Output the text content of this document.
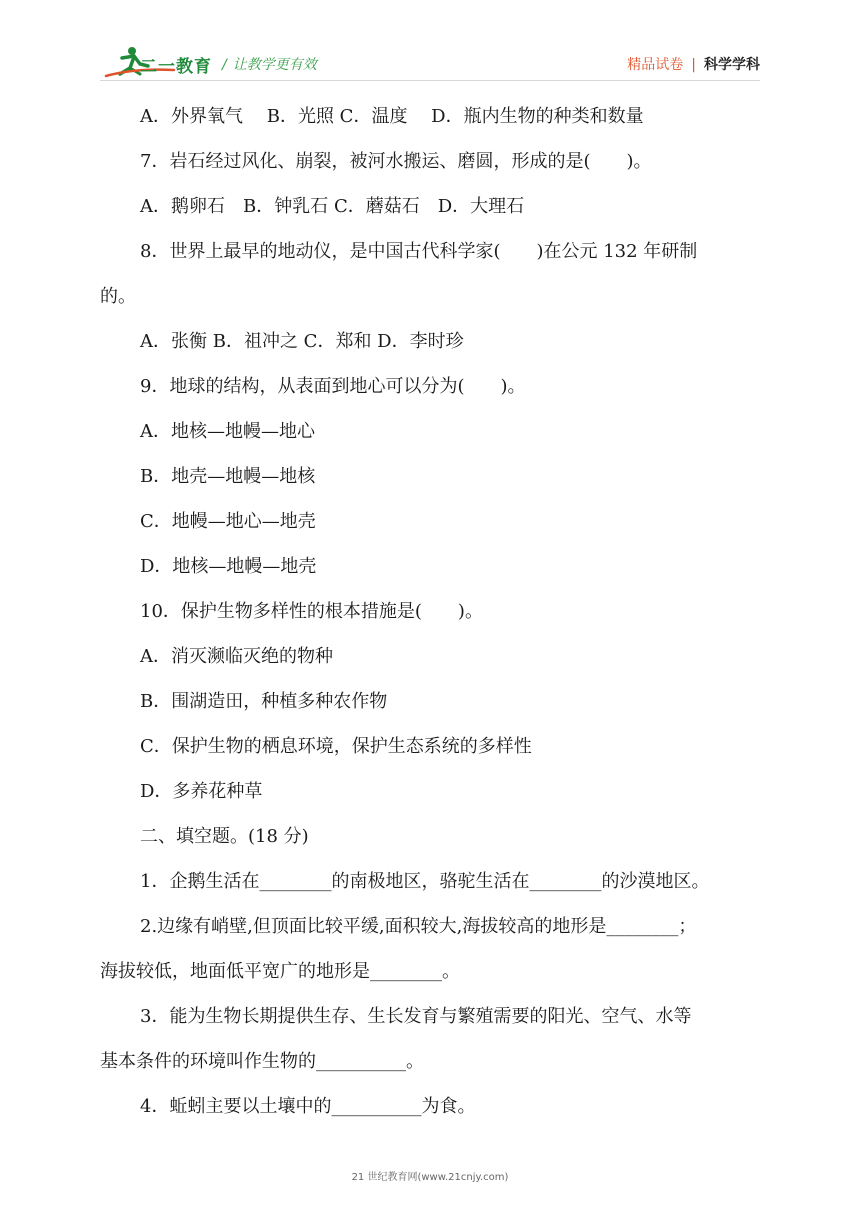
二一教育 / 让教学更有效	精品试卷 | 科学学科
A．外界氧气　 B．光照 C．温度　 D．瓶内生物的种类和数量
7．岩石经过风化、崩裂，被河水搬运、磨圆，形成的是(　　)。
A．鹅卵石　B．钟乳石 C．蘑菇石　D．大理石
8．世界上最早的地动仪，是中国古代科学家(　　)在公元 132 年研制
的。
A．张衡 B．祖冲之 C．郑和 D．李时珍
9．地球的结构，从表面到地心可以分为(　　)。
A．地核—地幔—地心
B．地壳—地幔—地核
C．地幔—地心—地壳
D．地核—地幔—地壳
10．保护生物多样性的根本措施是(　　)。
A．消灭濒临灭绝的物种
B．围湖造田，种植多种农作物
C．保护生物的栖息环境，保护生态系统的多样性
D．多养花种草
二、填空题。(18 分)
1．企鹅生活在________的南极地区，骆驼生活在________的沙漠地区。
2.边缘有峭壁,但顶面比较平缓,面积较大,海拔较高的地形是________；
海拔较低，地面低平宽广的地形是________。
3．能为生物长期提供生存、生长发育与繁殖需要的阳光、空气、水等
基本条件的环境叫作生物的__________。
4．蚯蚓主要以土壤中的__________为食。
21 世纪教育网(www.21cnjy.com)
